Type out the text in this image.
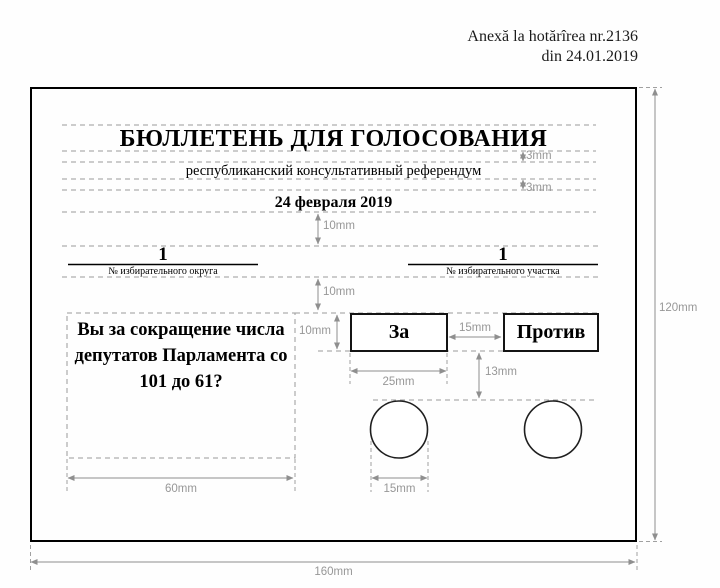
Anexă la hotărîrea nr.2136
din 24.01.2019
БЮЛЛЕТЕНЬ ДЛЯ ГОЛОСОВАНИЯ
республиканский консультативный референдум
24 февраля 2019
1
№ избирательного округа
1
№ избирательного участка
Вы за сокращение числа
депутатов Парламента со
101 до 61?
За	Против
3mm
3mm
10mm
10mm
10mm	15mm
25mm
13mm
15mm
60mm
120mm
160mm
